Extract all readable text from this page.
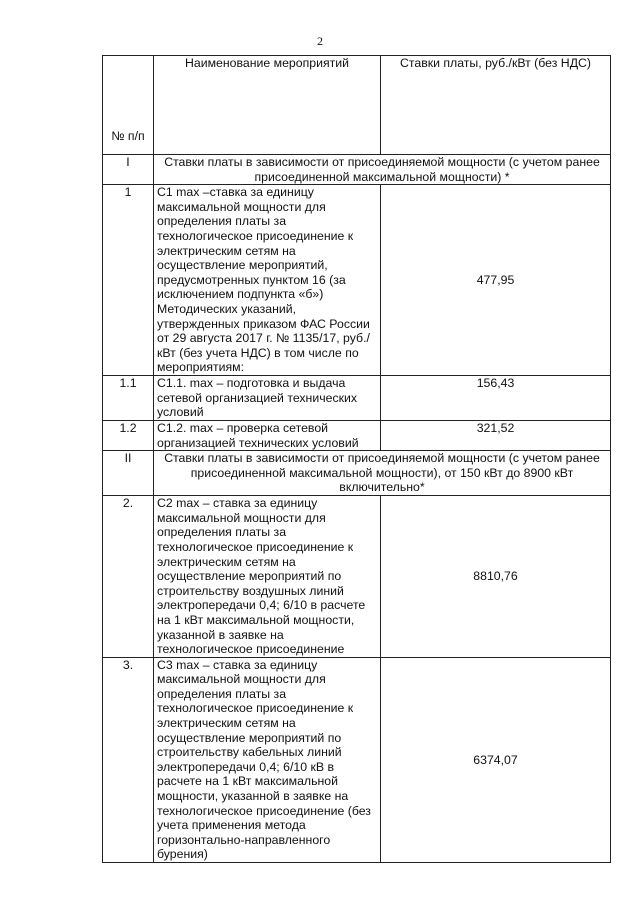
2
№ п/п	Наименование мероприятий	Ставки платы, руб./кВт (без НДС)
I	Ставки платы в зависимости от присоединяемой мощности (с учетом ранее присоединенной максимальной мощности) *	
1	С1 max –ставка за единицу максимальной мощности для определения платы за технологическое присоединение к электрическим сетям на осуществление мероприятий, предусмотренных пунктом 16 (за исключением подпункта «б») Методических указаний, утвержденных приказом ФАС России от 29 августа 2017 г. № 1135/17, руб./кВт (без учета НДС) в том числе по мероприятиям:	477,95
1.1	С1.1. max – подготовка и выдача сетевой организацией технических условий	156,43
1.2	С1.2. max – проверка сетевой организацией технических условий	321,52
II	Ставки платы в зависимости от присоединяемой мощности (с учетом ранее присоединенной максимальной мощности), от 150 кВт до 8900 кВт включительно*	
2.	С2 max – ставка за единицу максимальной мощности для определения платы за технологическое присоединение к электрическим сетям на осуществление мероприятий по строительству воздушных линий электропередачи 0,4; 6/10 в расчете на 1 кВт максимальной мощности, указанной в заявке на технологическое присоединение	8810,76
3.	С3 max – ставка за единицу максимальной мощности для определения платы за технологическое присоединение к электрическим сетям на осуществление мероприятий по строительству кабельных линий электропередачи 0,4; 6/10 кВ в расчете на 1 кВт максимальной мощности, указанной в заявке на технологическое присоединение (без учета применения метода горизонтально-направленного бурения)	6374,07
